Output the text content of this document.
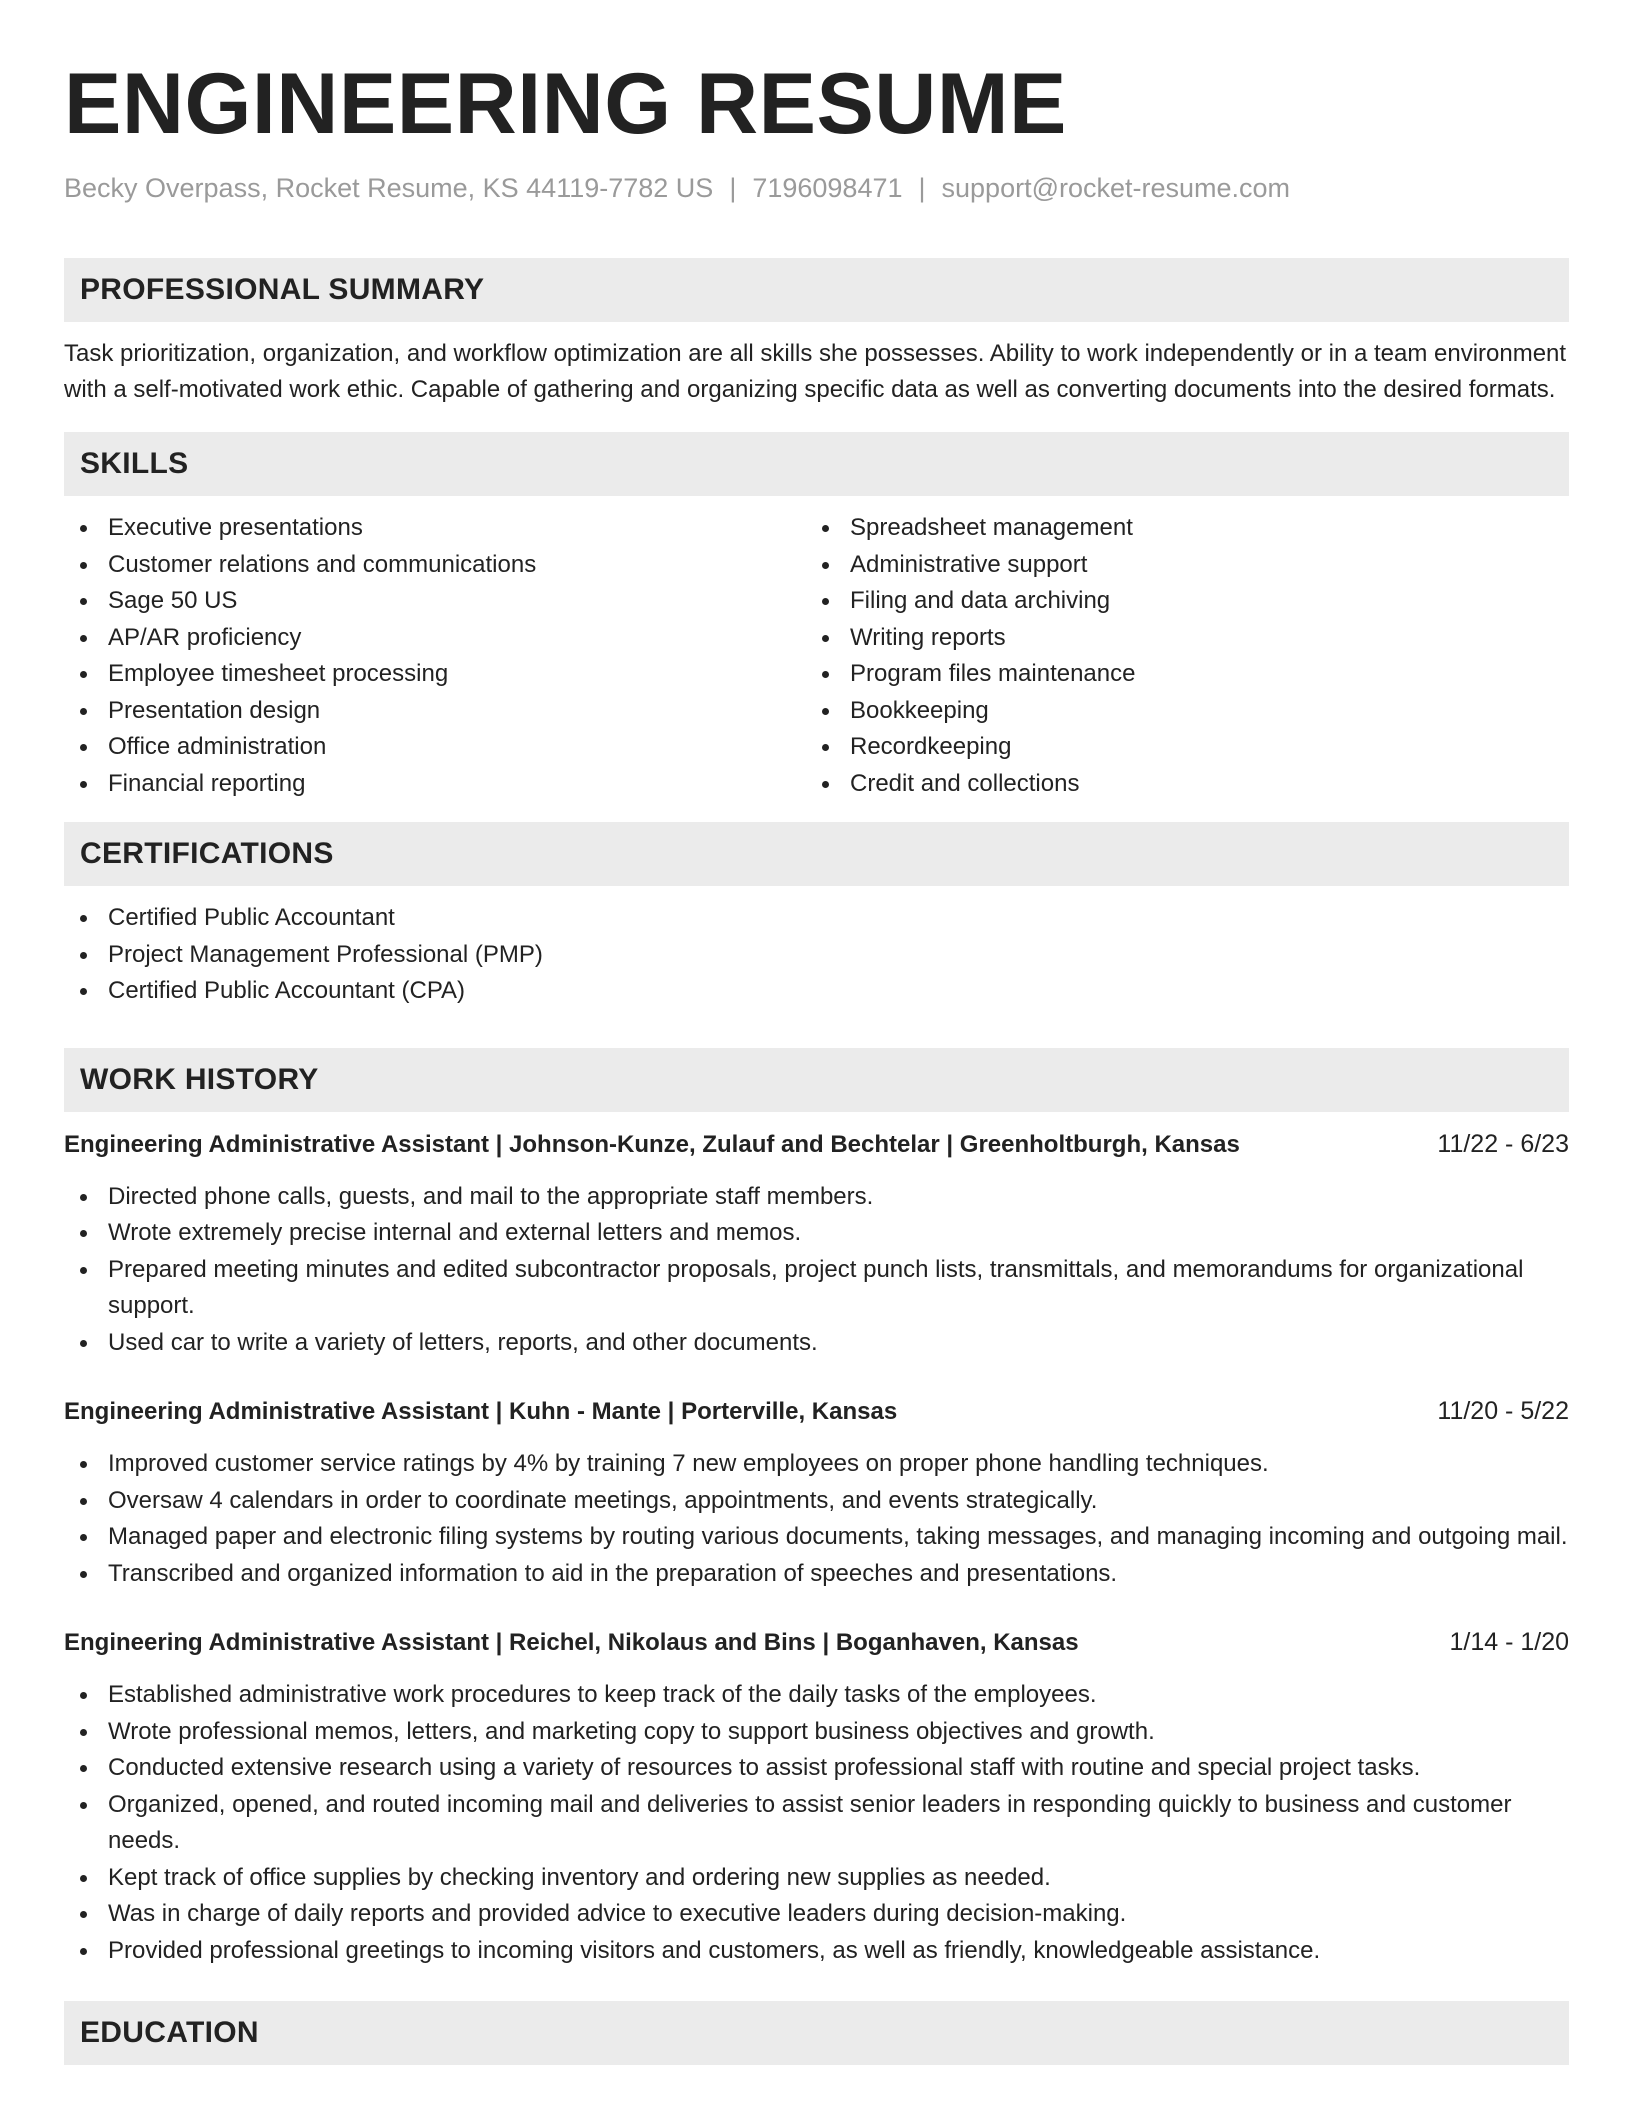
ENGINEERING RESUME
Becky Overpass, Rocket Resume, KS 44119-7782 US | 7196098471 | support@rocket-resume.com
PROFESSIONAL SUMMARY

Task prioritization, organization, and workflow optimization are all skills she possesses. Ability to work independently or in a team environment with a self-motivated work ethic. Capable of gathering and organizing specific data as well as converting documents into the desired formats.

SKILLS
Executive presentations
Customer relations and communications
Sage 50 US
AP/AR proficiency
Employee timesheet processing
Presentation design
Office administration
Financial reporting
Spreadsheet management
Administrative support
Filing and data archiving
Writing reports
Program files maintenance
Bookkeeping
Recordkeeping
Credit and collections
CERTIFICATIONS
Certified Public Accountant
Project Management Professional (PMP)
Certified Public Accountant (CPA)
WORK HISTORY
Engineering Administrative Assistant | Johnson-Kunze, Zulauf and Bechtelar | Greenholtburgh, Kansas	11/22 - 6/23
Directed phone calls, guests, and mail to the appropriate staff members.
Wrote extremely precise internal and external letters and memos.
Prepared meeting minutes and edited subcontractor proposals, project punch lists, transmittals, and memorandums for organizational support.
Used car to write a variety of letters, reports, and other documents.
Engineering Administrative Assistant | Kuhn - Mante | Porterville, Kansas	11/20 - 5/22
Improved customer service ratings by 4% by training 7 new employees on proper phone handling techniques.
Oversaw 4 calendars in order to coordinate meetings, appointments, and events strategically.
Managed paper and electronic filing systems by routing various documents, taking messages, and managing incoming and outgoing mail.
Transcribed and organized information to aid in the preparation of speeches and presentations.
Engineering Administrative Assistant | Reichel, Nikolaus and Bins | Boganhaven, Kansas	1/14 - 1/20
Established administrative work procedures to keep track of the daily tasks of the employees.
Wrote professional memos, letters, and marketing copy to support business objectives and growth.
Conducted extensive research using a variety of resources to assist professional staff with routine and special project tasks.
Organized, opened, and routed incoming mail and deliveries to assist senior leaders in responding quickly to business and customer needs.
Kept track of office supplies by checking inventory and ordering new supplies as needed.
Was in charge of daily reports and provided advice to executive leaders during decision-making.
Provided professional greetings to incoming visitors and customers, as well as friendly, knowledgeable assistance.
EDUCATION
